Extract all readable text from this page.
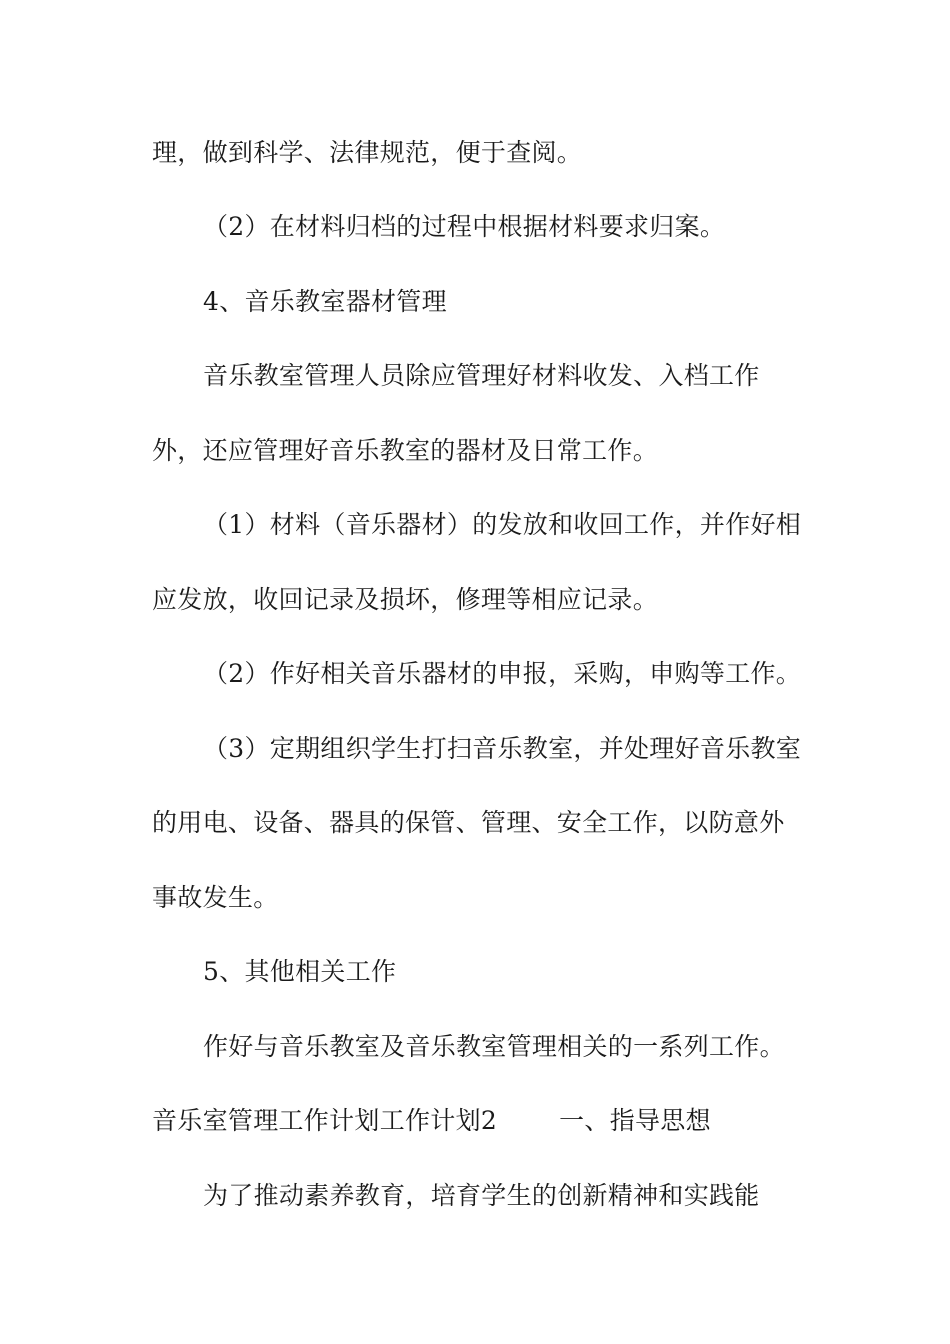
理，做到科学、法律规范，便于查阅。
（2）在材料归档的过程中根据材料要求归案。
4、音乐教室器材管理
音乐教室管理人员除应管理好材料收发、入档工作
外，还应管理好音乐教室的器材及日常工作。
（1）材料（音乐器材）的发放和收回工作，并作好相
应发放，收回记录及损坏，修理等相应记录。
（2）作好相关音乐器材的申报，采购，申购等工作。
（3）定期组织学生打扫音乐教室，并处理好音乐教室
的用电、设备、器具的保管、管理、安全工作，以防意外
事故发生。
5、其他相关工作
作好与音乐教室及音乐教室管理相关的一系列工作。
音乐室管理工作计划工作计划2 一、指导思想
为了推动素养教育，培育学生的创新精神和实践能
